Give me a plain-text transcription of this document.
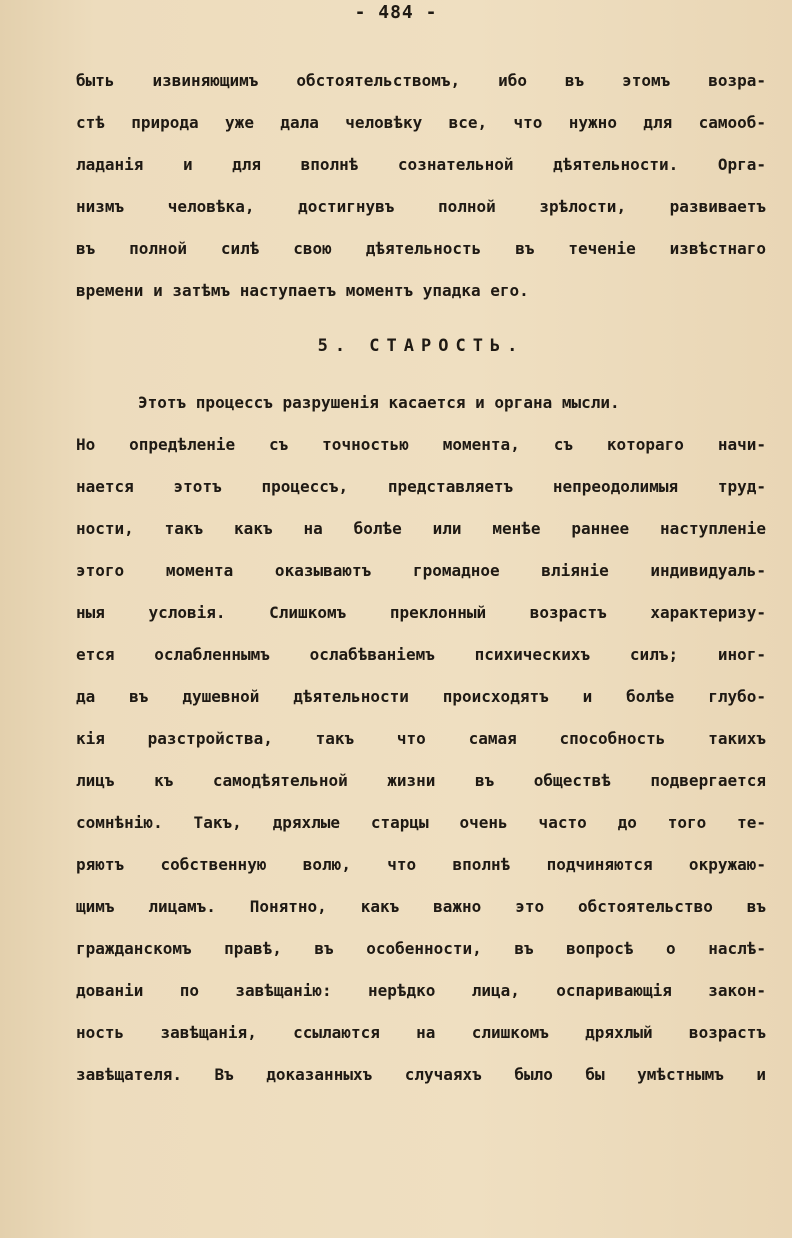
- 484 -
быть извиняющимъ обстоятельствомъ, ибо въ этомъ возра-
стѣ природа уже дала человѣку все, что нужно для самооб-
ладанія и для вполнѣ сознательной дѣятельности. Орга-
низмъ человѣка, достигнувъ полной зрѣлости, развиваетъ
въ полной силѣ свою дѣятельность въ теченіе извѣстнаго
времени и затѣмъ наступаетъ моментъ упадка его.
5. СТАРОСТЬ.
Этотъ процессъ разрушенія касается и органа мысли.
Но опредѣленіе съ точностью момента, съ котораго начи-
нается этотъ процессъ, представляетъ непреодолимыя труд-
ности, такъ какъ на болѣе или менѣе раннее наступленіе
этого момента оказываютъ громадное вліяніе индивидуаль-
ныя условія. Слишкомъ преклонный возрастъ характеризу-
ется ослабленнымъ ослабѣваніемъ психическихъ силъ; иног-
да въ душевной дѣятельности происходятъ и болѣе глубо-
кія разстройства, такъ что самая способность такихъ
лицъ къ самодѣятельной жизни въ обществѣ подвергается
сомнѣнію. Такъ, дряхлые старцы очень часто до того те-
ряютъ собственную волю, что вполнѣ подчиняются окружаю-
щимъ лицамъ. Понятно, какъ важно это обстоятельство въ
гражданскомъ правѣ, въ особенности, въ вопросѣ о наслѣ-
дованіи по завѣщанію: нерѣдко лица, оспаривающія закон-
ность завѣщанія, ссылаются на слишкомъ дряхлый возрастъ
завѣщателя. Въ доказанныхъ случаяхъ было бы умѣстнымъ и
